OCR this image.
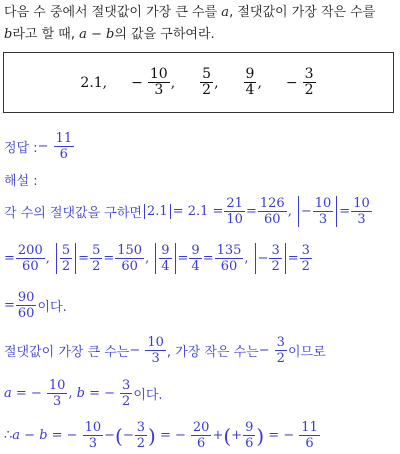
다음 수 중에서 절댓값이 가장 큰 수를 a, 절댓값이 가장 작은 수를
b라고 할 때, a − b의 값을 구하여라.
2.1, − $\frac{10}{3}$ , $\frac{5}{2}$ , $\frac{9}{4}$ , − $\frac{3}{2}$
정답 : − $\frac{11}{6}$
해설 :
각 수의 절댓값을 구하면 $2.1 = 2.1 = \frac{21}{10} = \frac{126}{60}$ , − $\frac{10}{3} = \frac{10}{3}$
= $\frac{200}{60}$ , $\frac{5}{2} = \frac{5}{2} = \frac{150}{60}$ , $\frac{9}{4} = \frac{9}{4} = \frac{135}{60}$ , − $\frac{3}{2} = \frac{3}{2}$
= $\frac{90}{60}$ 이다.
절댓값이 가장 큰 수는 − $\frac{10}{3}$ , 가장 작은 수는 − $\frac{3}{2}$ 이므로
a = − $\frac{10}{3}$ , b = − $\frac{3}{2}$ 이다.
∴ a − b = − $\frac{10}{3}$ − ( − $\frac{3}{2}$ ) = − $\frac{20}{6}$ + ( + $\frac{9}{6}$ ) = − $\frac{11}{6}$
